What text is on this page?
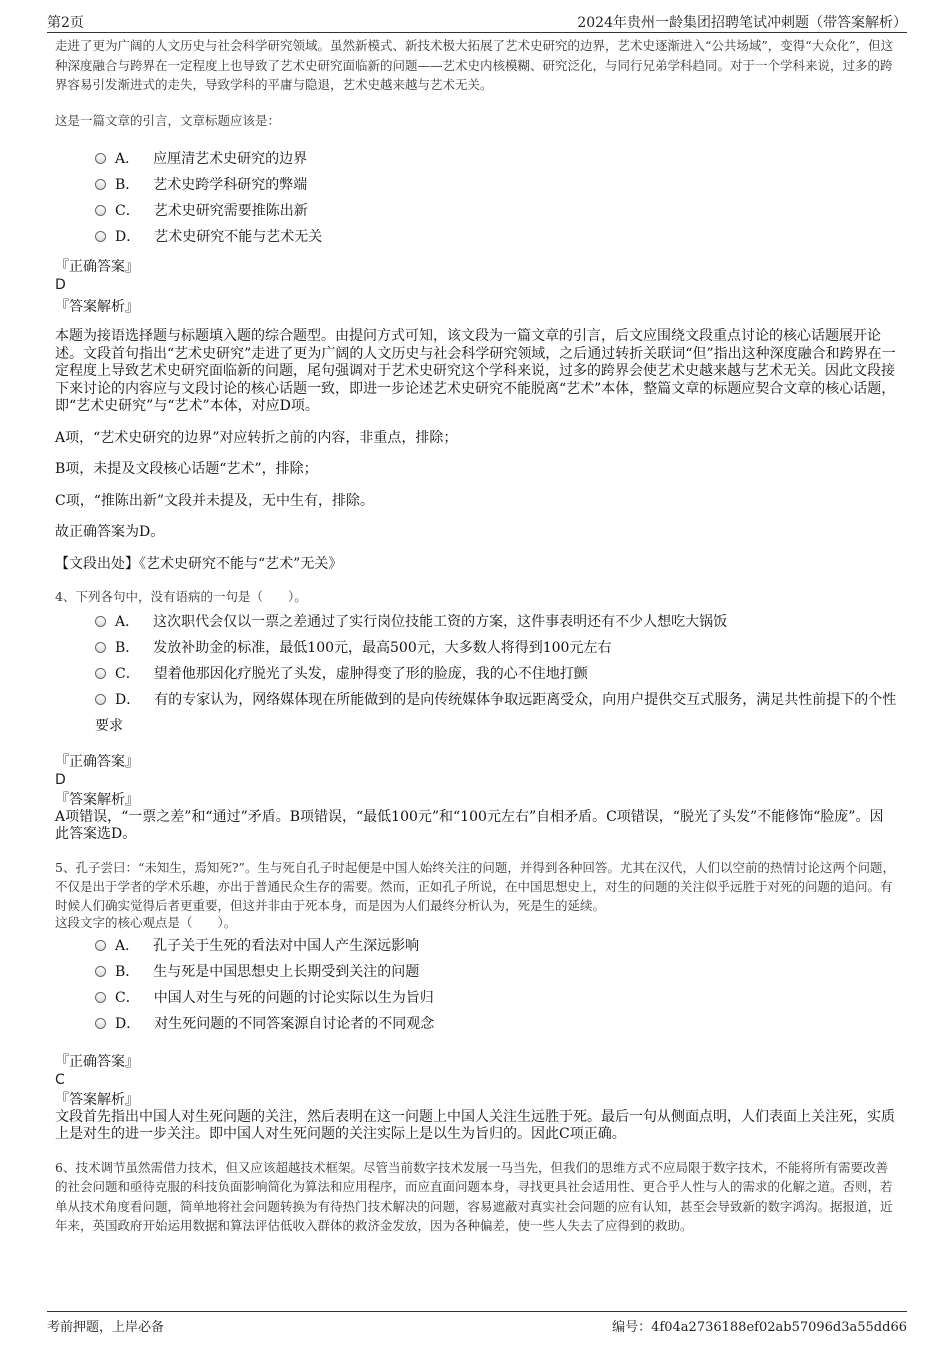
第2页	2024年贵州一龄集团招聘笔试冲刺题（带答案解析）

走进了更为广阔的人文历史与社会科学研究领域。虽然新模式、新技术极大拓展了艺术史研究的边界，艺术史逐渐进入“公共场域”，变得“大众化”，但这种深度融合与跨界在一定程度上也导致了艺术史研究面临新的问题——艺术史内核模糊、研究泛化，与同行兄弟学科趋同。对于一个学科来说，过多的跨界容易引发渐进式的走失，导致学科的平庸与隐退，艺术史越来越与艺术无关。

这是一篇文章的引言，文章标题应该是：

A． 应厘清艺术史研究的边界
B． 艺术史跨学科研究的弊端
C． 艺术史研究需要推陈出新
D． 艺术史研究不能与艺术无关

『正确答案』

D

『答案解析』

本题为接语选择题与标题填入题的综合题型。由提问方式可知，该文段为一篇文章的引言，后文应围绕文段重点讨论的核心话题展开论述。文段首句指出“艺术史研究”走进了更为广阔的人文历史与社会科学研究领域，之后通过转折关联词“但”指出这种深度融合和跨界在一定程度上导致艺术史研究面临新的问题，尾句强调对于艺术史研究这个学科来说，过多的跨界会使艺术史越来越与艺术无关。因此文段接下来讨论的内容应与文段讨论的核心话题一致，即进一步论述艺术史研究不能脱离“艺术”本体，整篇文章的标题应契合文章的核心话题，即“艺术史研究”与“艺术”本体，对应D项。

A项，“艺术史研究的边界”对应转折之前的内容，非重点，排除；

B项，未提及文段核心话题“艺术”，排除；

C项，“推陈出新”文段并未提及，无中生有，排除。

故正确答案为D。

【文段出处】《艺术史研究不能与“艺术”无关》

4、下列各句中，没有语病的一句是（　　）。

A． 这次职代会仅以一票之差通过了实行岗位技能工资的方案，这件事表明还有不少人想吃大锅饭
B． 发放补助金的标准，最低100元，最高500元，大多数人将得到100元左右
C． 望着他那因化疗脱光了头发，虚肿得变了形的脸庞，我的心不住地打颤
D． 有的专家认为，网络媒体现在所能做到的是向传统媒体争取远距离受众，向用户提供交互式服务，满足共性前提下的个性要求

『正确答案』

D

『答案解析』

A项错误，“一票之差”和“通过”矛盾。B项错误，“最低100元”和“100元左右”自相矛盾。C项错误，“脱光了头发”不能修饰“脸庞”。因此答案选D。

5、孔子尝曰：“未知生，焉知死?”。生与死自孔子时起便是中国人始终关注的问题，并得到各种回答。尤其在汉代，人们以空前的热情讨论这两个问题，不仅是出于学者的学术乐趣，亦出于普通民众生存的需要。然而，正如孔子所说，在中国思想史上，对生的问题的关注似乎远胜于对死的问题的追问。有时候人们确实觉得后者更重要，但这并非由于死本身，而是因为人们最终分析认为，死是生的延续。

这段文字的核心观点是（　　）。

A． 孔子关于生死的看法对中国人产生深远影响
B． 生与死是中国思想史上长期受到关注的问题
C． 中国人对生与死的问题的讨论实际以生为旨归
D． 对生死问题的不同答案源自讨论者的不同观念

『正确答案』

C

『答案解析』

文段首先指出中国人对生死问题的关注，然后表明在这一问题上中国人关注生远胜于死。最后一句从侧面点明，人们表面上关注死，实质上是对生的进一步关注。即中国人对生死问题的关注实际上是以生为旨归的。因此C项正确。

6、技术调节虽然需借力技术，但又应该超越技术框架。尽管当前数字技术发展一马当先，但我们的思维方式不应局限于数字技术，不能将所有需要改善的社会问题和亟待克服的科技负面影响简化为算法和应用程序，而应直面问题本身，寻找更具社会适用性、更合乎人性与人的需求的化解之道。否则，若单从技术角度看问题，简单地将社会问题转换为有待热门技术解决的问题，容易遮蔽对真实社会问题的应有认知，甚至会导致新的数字鸿沟。据报道，近年来，英国政府开始运用数据和算法评估低收入群体的救济金发放，因为各种偏差，使一些人失去了应得到的救助。

考前押题，上岸必备	编号：4f04a2736188ef02ab57096d3a55dd66
